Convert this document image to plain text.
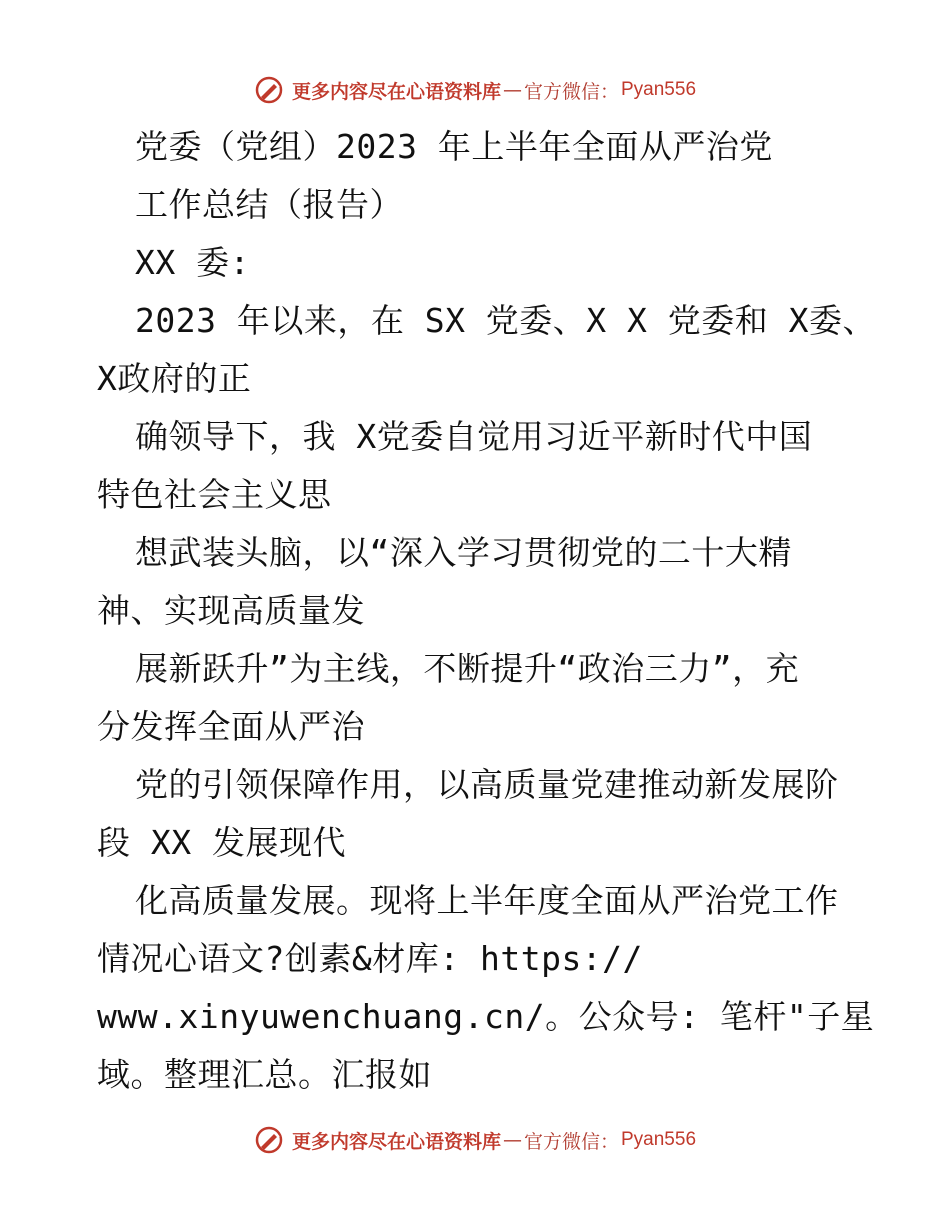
更多内容尽在心语资料库 — 官方微信： Pyan556
党委（党组）2023 年上半年全面从严治党
工作总结（报告）
XX 委:
2023 年以来，在 SX 党委、X X 党委和 X委、
X政府的正
确领导下，我 X党委自觉用习近平新时代中国
特色社会主义思
想武装头脑，以“深入学习贯彻党的二十大精
神、实现高质量发
展新跃升”为主线，不断提升“政治三力”，充
分发挥全面从严治
党的引领保障作用，以高质量党建推动新发展阶
段 XX 发展现代
化高质量发展。现将上半年度全面从严治党工作
情况心语文?创素&材库: https://
www.xinyuwenchuang.cn/。公众号: 笔杆"子星
域。整理汇总。汇报如
更多内容尽在心语资料库 — 官方微信： Pyan556
